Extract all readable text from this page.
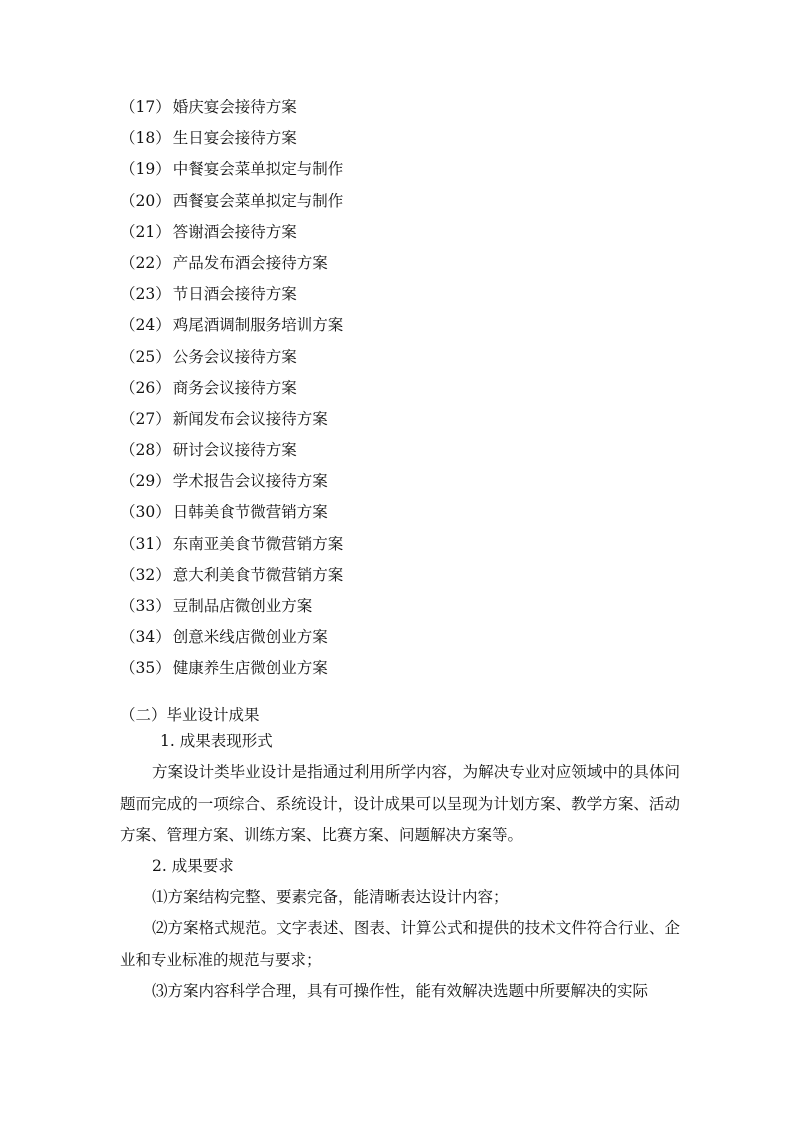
（17） 婚庆宴会接待方案
（18） 生日宴会接待方案
（19） 中餐宴会菜单拟定与制作
（20） 西餐宴会菜单拟定与制作
（21） 答谢酒会接待方案
（22） 产品发布酒会接待方案
（23） 节日酒会接待方案
（24） 鸡尾酒调制服务培训方案
（25） 公务会议接待方案
（26） 商务会议接待方案
（27） 新闻发布会议接待方案
（28） 研讨会议接待方案
（29） 学术报告会议接待方案
（30） 日韩美食节微营销方案
（31） 东南亚美食节微营销方案
（32） 意大利美食节微营销方案
（33） 豆制品店微创业方案
（34） 创意米线店微创业方案
（35） 健康养生店微创业方案
（二）毕业设计成果
1. 成果表现形式
方案设计类毕业设计是指通过利用所学内容，为解决专业对应领域中的具体问题而完成的一项综合、系统设计，设计成果可以呈现为计划方案、教学方案、活动方案、管理方案、训练方案、比赛方案、问题解决方案等。
2. 成果要求
⑴方案结构完整、要素完备，能清晰表达设计内容；
⑵方案格式规范。文字表述、图表、计算公式和提供的技术文件符合行业、企业和专业标准的规范与要求；
⑶方案内容科学合理，具有可操作性，能有效解决选题中所要解决的实际
